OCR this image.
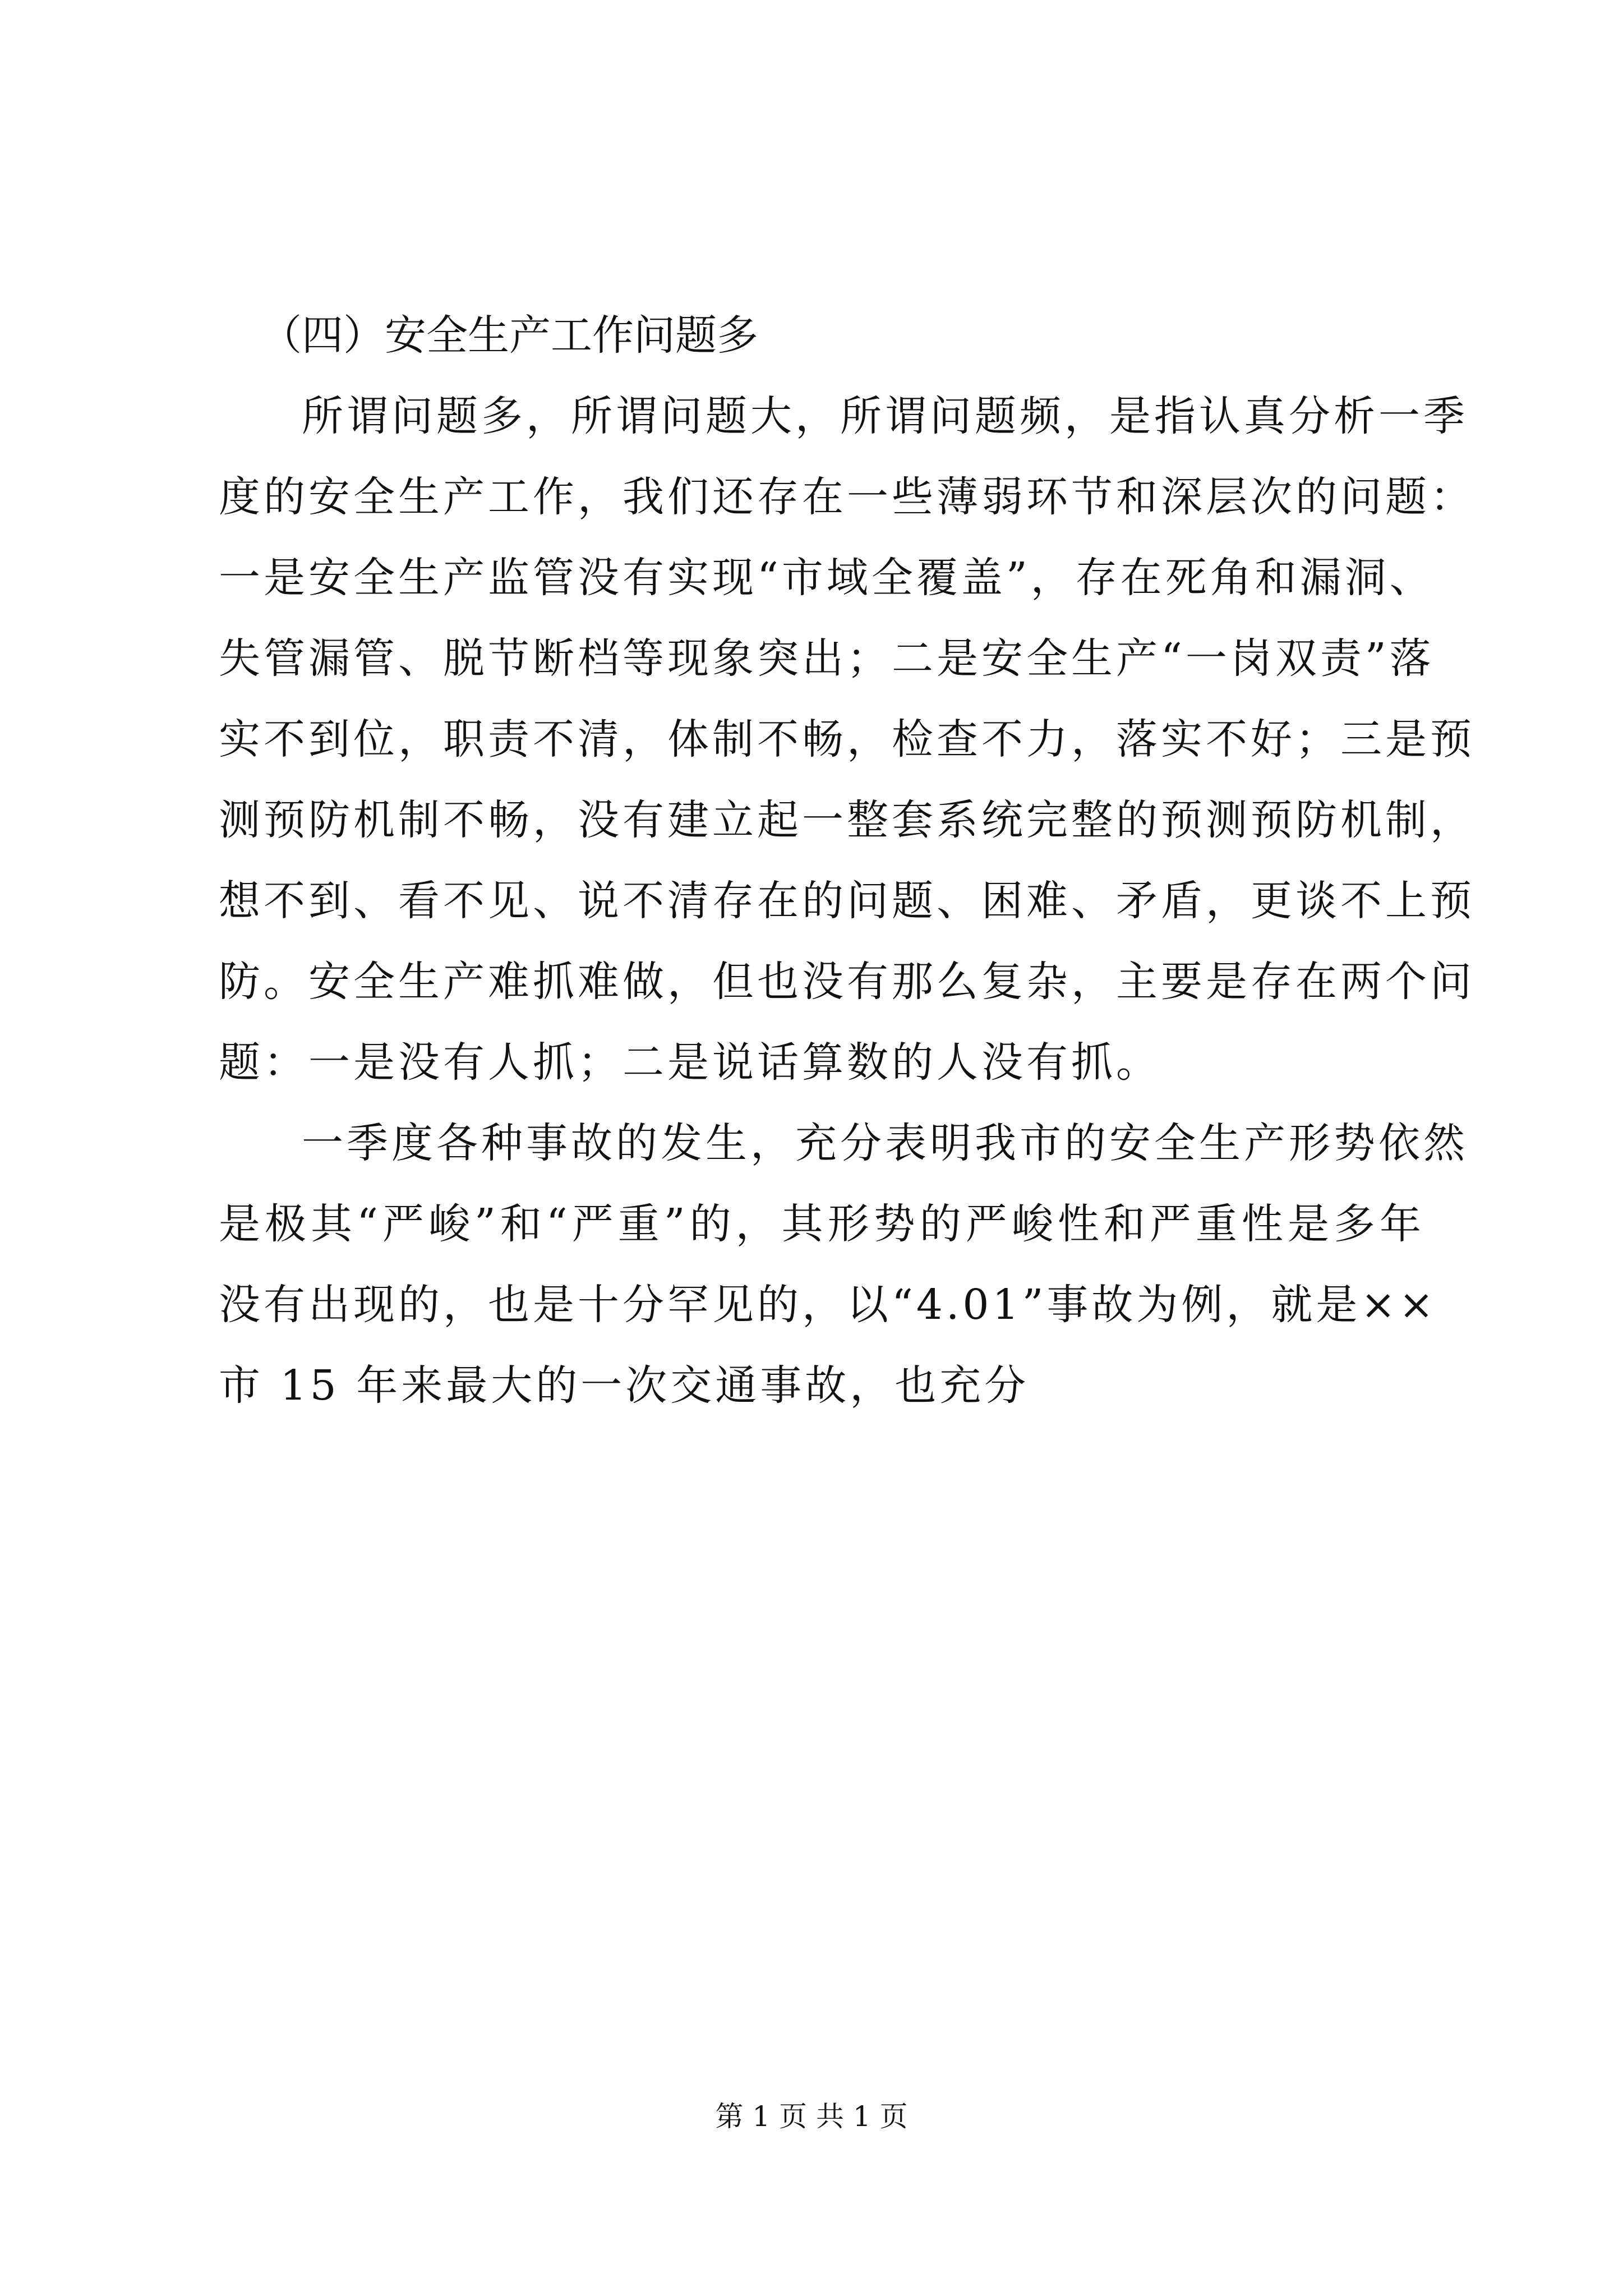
（四）安全生产工作问题多

所谓问题多，所谓问题大，所谓问题频，是指认真分析一季
度的安全生产工作，我们还存在一些薄弱环节和深层次的问题：
一是安全生产监管没有实现“市域全覆盖”，存在死角和漏洞、
失管漏管、脱节断档等现象突出；二是安全生产“一岗双责”落
实不到位，职责不清，体制不畅，检查不力，落实不好；三是预
测预防机制不畅，没有建立起一整套系统完整的预测预防机制，
想不到、看不见、说不清存在的问题、困难、矛盾，更谈不上预
防。安全生产难抓难做，但也没有那么复杂，主要是存在两个问
题：一是没有人抓；二是说话算数的人没有抓。
一季度各种事故的发生，充分表明我市的安全生产形势依然
是极其“严峻”和“严重”的，其形势的严峻性和严重性是多年
没有出现的，也是十分罕见的，以“4.01”事故为例，就是××
市 15 年来最大的一次交通事故，也充分
第 1 页 共 1 页
